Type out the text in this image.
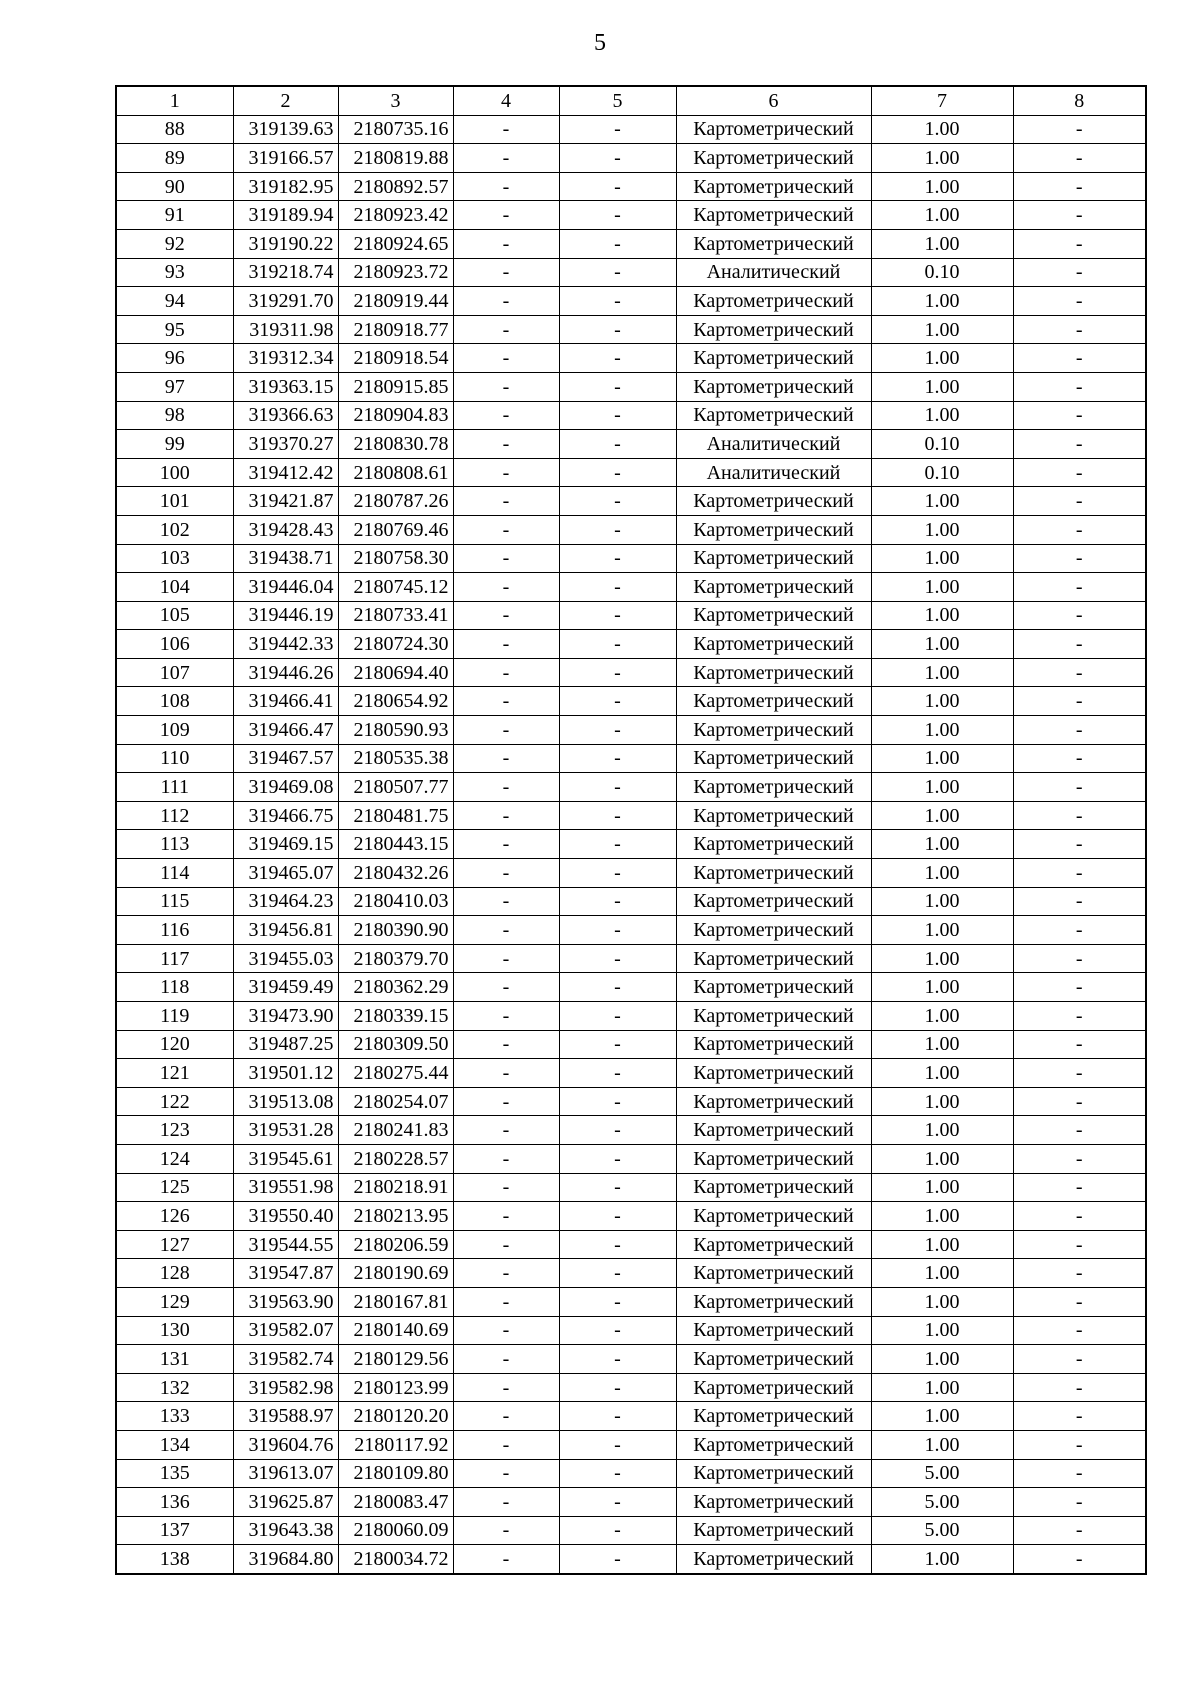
5
1	2	3	4	5	6	7	8
88	319139.63	2180735.16	-	-	Картометрический	1.00	-
89	319166.57	2180819.88	-	-	Картометрический	1.00	-
90	319182.95	2180892.57	-	-	Картометрический	1.00	-
91	319189.94	2180923.42	-	-	Картометрический	1.00	-
92	319190.22	2180924.65	-	-	Картометрический	1.00	-
93	319218.74	2180923.72	-	-	Аналитический	0.10	-
94	319291.70	2180919.44	-	-	Картометрический	1.00	-
95	319311.98	2180918.77	-	-	Картометрический	1.00	-
96	319312.34	2180918.54	-	-	Картометрический	1.00	-
97	319363.15	2180915.85	-	-	Картометрический	1.00	-
98	319366.63	2180904.83	-	-	Картометрический	1.00	-
99	319370.27	2180830.78	-	-	Аналитический	0.10	-
100	319412.42	2180808.61	-	-	Аналитический	0.10	-
101	319421.87	2180787.26	-	-	Картометрический	1.00	-
102	319428.43	2180769.46	-	-	Картометрический	1.00	-
103	319438.71	2180758.30	-	-	Картометрический	1.00	-
104	319446.04	2180745.12	-	-	Картометрический	1.00	-
105	319446.19	2180733.41	-	-	Картометрический	1.00	-
106	319442.33	2180724.30	-	-	Картометрический	1.00	-
107	319446.26	2180694.40	-	-	Картометрический	1.00	-
108	319466.41	2180654.92	-	-	Картометрический	1.00	-
109	319466.47	2180590.93	-	-	Картометрический	1.00	-
110	319467.57	2180535.38	-	-	Картометрический	1.00	-
111	319469.08	2180507.77	-	-	Картометрический	1.00	-
112	319466.75	2180481.75	-	-	Картометрический	1.00	-
113	319469.15	2180443.15	-	-	Картометрический	1.00	-
114	319465.07	2180432.26	-	-	Картометрический	1.00	-
115	319464.23	2180410.03	-	-	Картометрический	1.00	-
116	319456.81	2180390.90	-	-	Картометрический	1.00	-
117	319455.03	2180379.70	-	-	Картометрический	1.00	-
118	319459.49	2180362.29	-	-	Картометрический	1.00	-
119	319473.90	2180339.15	-	-	Картометрический	1.00	-
120	319487.25	2180309.50	-	-	Картометрический	1.00	-
121	319501.12	2180275.44	-	-	Картометрический	1.00	-
122	319513.08	2180254.07	-	-	Картометрический	1.00	-
123	319531.28	2180241.83	-	-	Картометрический	1.00	-
124	319545.61	2180228.57	-	-	Картометрический	1.00	-
125	319551.98	2180218.91	-	-	Картометрический	1.00	-
126	319550.40	2180213.95	-	-	Картометрический	1.00	-
127	319544.55	2180206.59	-	-	Картометрический	1.00	-
128	319547.87	2180190.69	-	-	Картометрический	1.00	-
129	319563.90	2180167.81	-	-	Картометрический	1.00	-
130	319582.07	2180140.69	-	-	Картометрический	1.00	-
131	319582.74	2180129.56	-	-	Картометрический	1.00	-
132	319582.98	2180123.99	-	-	Картометрический	1.00	-
133	319588.97	2180120.20	-	-	Картометрический	1.00	-
134	319604.76	2180117.92	-	-	Картометрический	1.00	-
135	319613.07	2180109.80	-	-	Картометрический	5.00	-
136	319625.87	2180083.47	-	-	Картометрический	5.00	-
137	319643.38	2180060.09	-	-	Картометрический	5.00	-
138	319684.80	2180034.72	-	-	Картометрический	1.00	-
